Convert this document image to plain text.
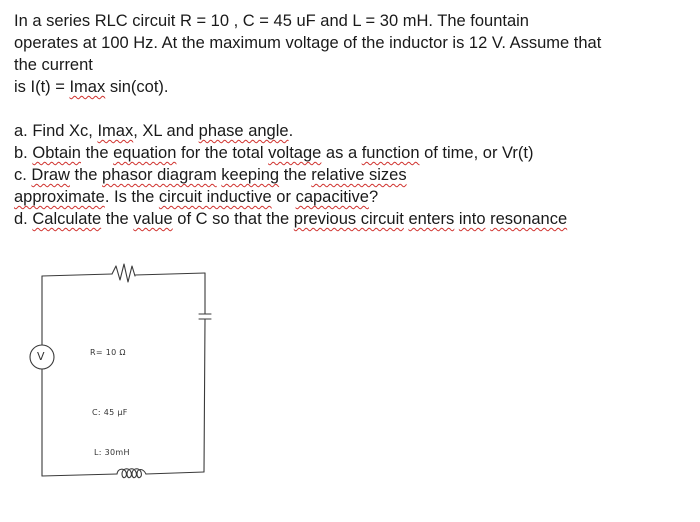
In a series RLC circuit R = 10 , C = 45 uF and L = 30 mH. The fountain
operates at 100 Hz. At the maximum voltage of the inductor is 12 V. Assume that
the current
is I(t) = Imax sin(cot).
a. Find Xc, Imax, XL and phase angle.
b. Obtain the equation for the total voltage as a function of time, or Vr(t)
c. Draw the phasor diagram keeping the relative sizes
approximate. Is the circuit inductive or capacitive?
d. Calculate the value of C so that the previous circuit enters into resonance
V	R= 10 Ω
C: 45 μF
L: 30mH
